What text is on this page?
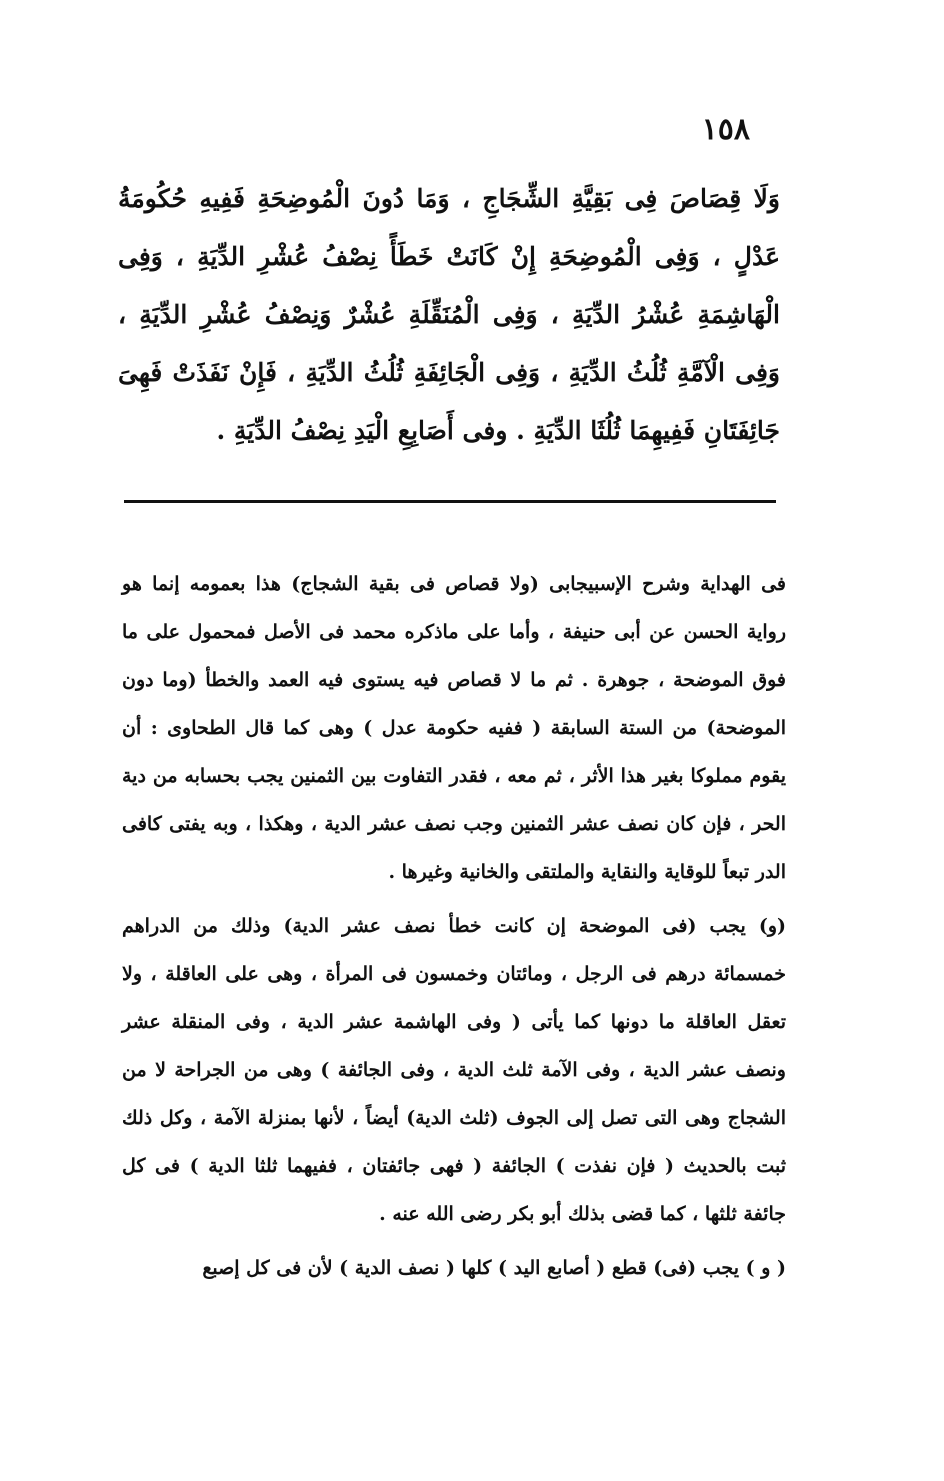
١٥٨
وَلَا قِصَاصَ فِى بَقِيَّةِ الشِّجَاجِ ، وَمَا دُونَ الْمُوضِحَةِ فَفِيهِ حُكُومَةُ عَدْلٍ ، وَفِى الْمُوضِحَةِ إِنْ كَانَتْ خَطَأً نِصْفُ عُشْرِ الدِّيَةِ ، وَفِى الْهَاشِمَةِ عُشْرُ الدِّيَةِ ، وَفِى الْمُنَقِّلَةِ عُشْرٌ وَنِصْفُ عُشْرِ الدِّيَةِ ، وَفِى الْآمَّةِ ثُلُثُ الدِّيَةِ ، وَفِى الْجَائِفَةِ ثُلُثُ الدِّيَةِ ، فَإِنْ نَفَذَتْ فَهِىَ جَائِفَتَانِ فَفِيهِمَا ثُلُثَا الدِّيَةِ . وفى أَصَابِعِ الْيَدِ نِصْفُ الدِّيَةِ .

فى الهداية وشرح الإسبيجابى (ولا قصاص فى بقية الشجاج) هذا بعمومه إنما هو رواية الحسن عن أبى حنيفة ، وأما على ماذكره محمد فى الأصل فمحمول على ما فوق الموضحة ، جوهرة . ثم ما لا قصاص فيه يستوى فيه العمد والخطأ (وما دون الموضحة) من الستة السابقة ( ففيه حكومة عدل ) وهى كما قال الطحاوى : أن يقوم مملوكا بغير هذا الأثر ، ثم معه ، فقدر التفاوت بين الثمنين يجب بحسابه من دية الحر ، فإن كان نصف عشر الثمنين وجب نصف عشر الدية ، وهكذا ، وبه يفتى كافى الدر تبعاً للوقاية والنقاية والملتقى والخانية وغيرها .

(و) يجب (فى الموضحة إن كانت خطأ نصف عشر الدية) وذلك من الدراهم خمسمائة درهم فى الرجل ، ومائتان وخمسون فى المرأة ، وهى على العاقلة ، ولا تعقل العاقلة ما دونها كما يأتى ( وفى الهاشمة عشر الدية ، وفى المنقلة عشر ونصف عشر الدية ، وفى الآمة ثلث الدية ، وفى الجائفة ) وهى من الجراحة لا من الشجاج وهى التى تصل إلى الجوف (ثلث الدية) أيضاً ، لأنها بمنزلة الآمة ، وكل ذلك ثبت بالحديث ( فإن نفذت ) الجائفة ( فهى جائفتان ، ففيهما ثلثا الدية ) فى كل جائفة ثلثها ، كما قضى بذلك أبو بكر رضى الله عنه .

( و ) يجب (فى) قطع ( أصابع اليد ) كلها ( نصف الدية ) لأن فى كل إصبع
